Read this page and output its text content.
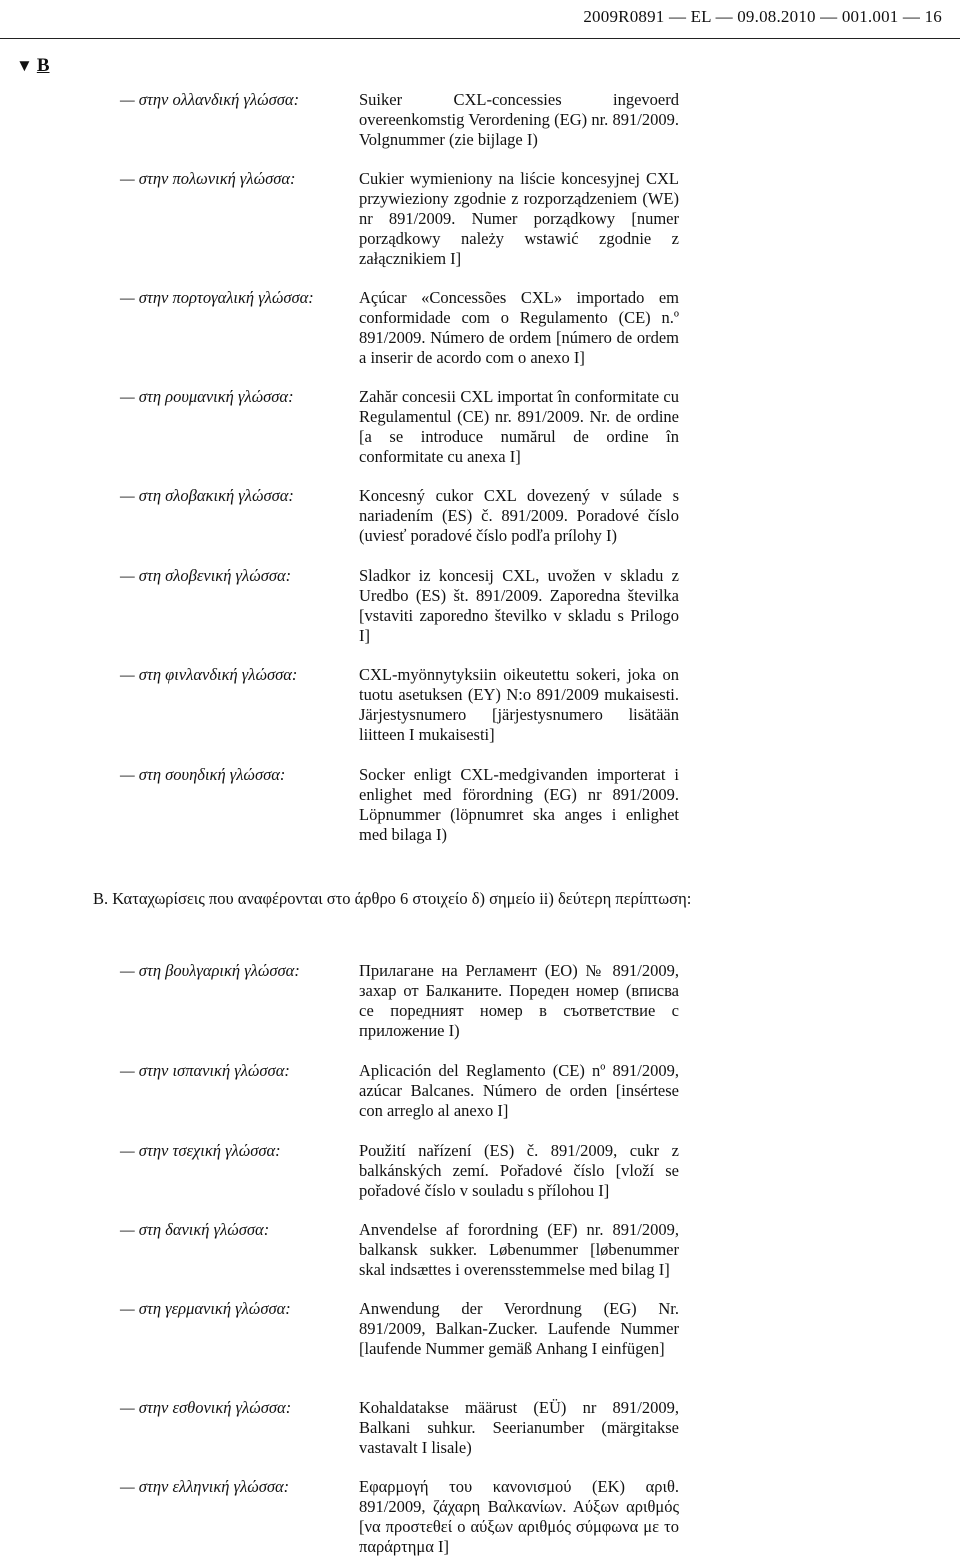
2009R0891 — EL — 09.08.2010 — 001.001 — 16
▼ B
— στην ολλανδική γλώσσα:	Suiker CXL-concessies ingevoerd overeenkomstig Verordening (EG) nr. 891/2009. Volgnummer (zie bijlage I)
— στην πολωνική γλώσσα:	Cukier wymieniony na liście koncesyjnej CXL przywieziony zgodnie z rozporządzeniem (WE) nr 891/2009. Numer porządkowy [numer porządkowy należy wstawić zgodnie z załącznikiem I]
— στην πορτογαλική γλώσσα:	Açúcar «Concessões CXL» importado em conformidade com o Regulamento (CE) n.º 891/2009. Número de ordem [número de ordem a inserir de acordo com o anexo I]
— στη ρουμανική γλώσσα:	Zahăr concesii CXL importat în conformitate cu Regulamentul (CE) nr. 891/2009. Nr. de ordine [a se introduce numărul de ordine în conformitate cu anexa I]
— στη σλοβακική γλώσσα:	Koncesný cukor CXL dovezený v súlade s nariadením (ES) č. 891/2009. Poradové číslo (uviesť poradové číslo podľa prílohy I)
— στη σλοβενική γλώσσα:	Sladkor iz koncesij CXL, uvožen v skladu z Uredbo (ES) št. 891/2009. Zaporedna številka [vstaviti zaporedno številko v skladu s Prilogo I]
— στη φινλανδική γλώσσα:	CXL-myönnytyksiin oikeutettu sokeri, joka on tuotu asetuksen (EY) N:o 891/2009 mukaisesti. Järjestysnumero [järjestysnumero lisätään liitteen I mukaisesti]
— στη σουηδική γλώσσα:	Socker enligt CXL-medgivanden importerat i enlighet med förordning (EG) nr 891/2009. Löpnummer (löpnumret ska anges i enlighet med bilaga I)
B. Καταχωρίσεις που αναφέρονται στο άρθρο 6 στοιχείο δ) σημείο ii) δεύτερη περίπτωση:
— στη βουλγαρική γλώσσα:	Прилагане на Регламент (ЕО) № 891/2009, захар от Балканите. Пореден номер (вписва се поредният номер в съответствие с приложение I)
— στην ισπανική γλώσσα:	Aplicación del Reglamento (CE) nº 891/2009, azúcar Balcanes. Número de orden [insértese con arreglo al anexo I]
— στην τσεχική γλώσσα:	Použití nařízení (ES) č. 891/2009, cukr z balkánských zemí. Pořadové číslo [vloží se pořadové číslo v souladu s přílohou I]
— στη δανική γλώσσα:	Anvendelse af forordning (EF) nr. 891/2009, balkansk sukker. Løbenummer [løbenummer skal indsættes i overensstemmelse med bilag I]
— στη γερμανική γλώσσα:	Anwendung der Verordnung (EG) Nr. 891/2009, Balkan-Zucker. Laufende Nummer [laufende Nummer gemäß Anhang I einfügen]
— στην εσθονική γλώσσα:	Kohaldatakse määrust (EÜ) nr 891/2009, Balkani suhkur. Seerianumber (märgitakse vastavalt I lisale)
— στην ελληνική γλώσσα:	Εφαρμογή του κανονισμού (ΕΚ) αριθ. 891/2009, ζάχαρη Βαλκανίων. Αύξων αριθμός [να προστεθεί ο αύξων αριθμός σύμφωνα με το παράρτημα I]
